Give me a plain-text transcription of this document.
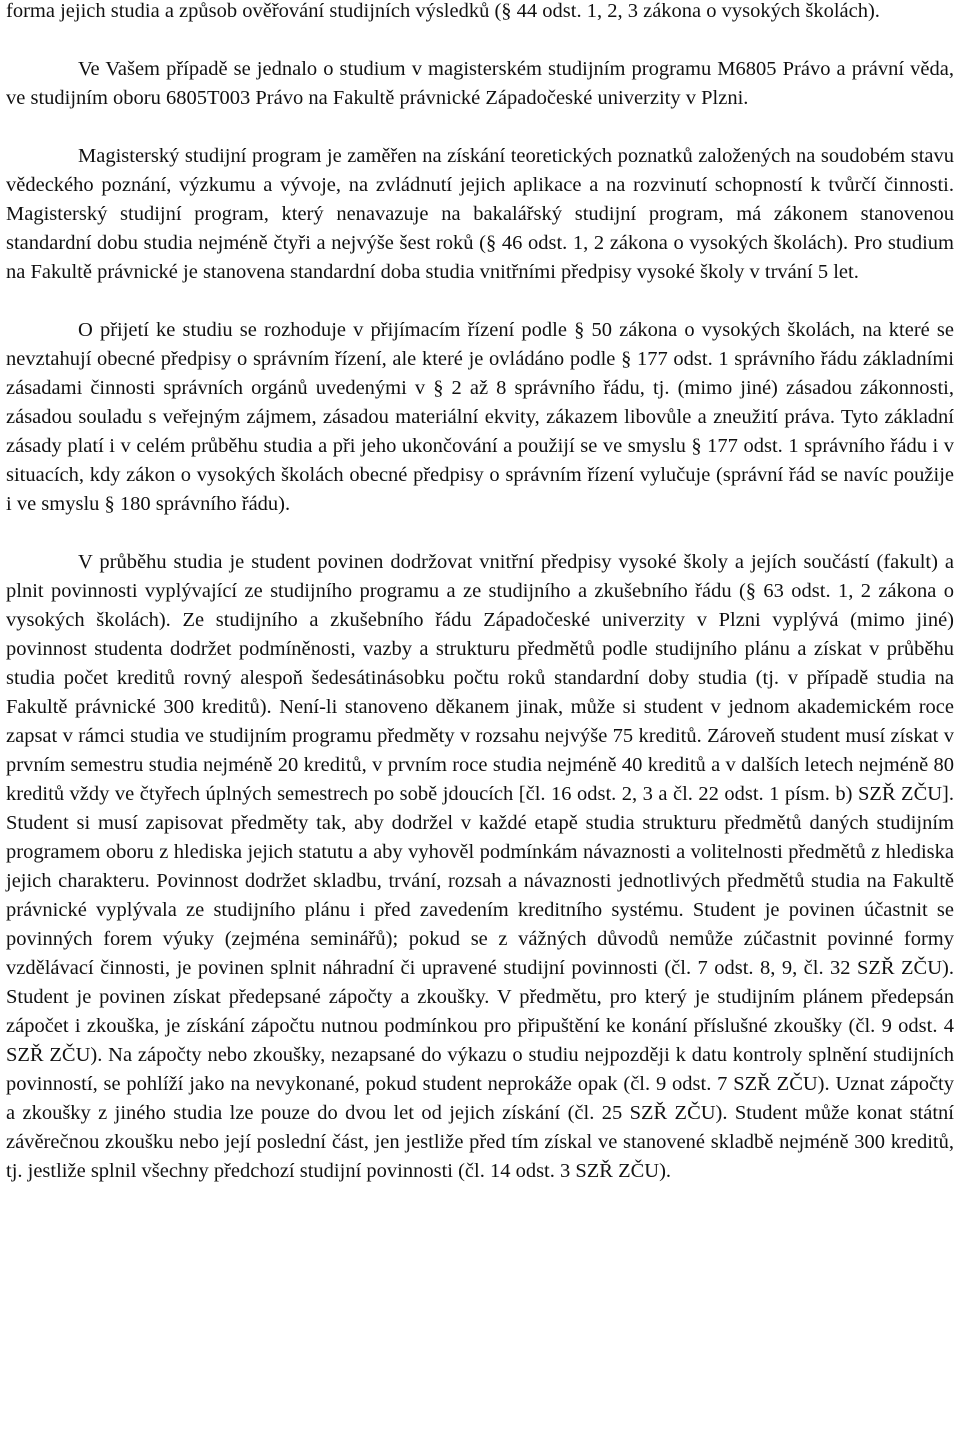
forma jejich studia a způsob ověřování studijních výsledků (§ 44 odst. 1, 2, 3 zákona o vysokých školách).

Ve Vašem případě se jednalo o studium v magisterském studijním programu M6805 Právo a právní věda, ve studijním oboru 6805T003 Právo na Fakultě právnické Západočeské univerzity v Plzni.

Magisterský studijní program je zaměřen na získání teoretických poznatků založených na soudobém stavu vědeckého poznání, výzkumu a vývoje, na zvládnutí jejich aplikace a na rozvinutí schopností k tvůrčí činnosti. Magisterský studijní program, který nenavazuje na bakalářský studijní program, má zákonem stanovenou standardní dobu studia nejméně čtyři a nejvýše šest roků (§ 46 odst. 1, 2 zákona o vysokých školách). Pro studium na Fakultě právnické je stanovena standardní doba studia vnitřními předpisy vysoké školy v trvání 5 let.

O přijetí ke studiu se rozhoduje v přijímacím řízení podle § 50 zákona o vysokých školách, na které se nevztahují obecné předpisy o správním řízení, ale které je ovládáno podle § 177 odst. 1 správního řádu základními zásadami činnosti správních orgánů uvedenými v § 2 až 8 správního řádu, tj. (mimo jiné) zásadou zákonnosti, zásadou souladu s veřejným zájmem, zásadou materiální ekvity, zákazem libovůle a zneužití práva. Tyto základní zásady platí i v celém průběhu studia a při jeho ukončování a použijí se ve smyslu § 177 odst. 1 správního řádu i v situacích, kdy zákon o vysokých školách obecné předpisy o správním řízení vylučuje (správní řád se navíc použije i ve smyslu § 180 správního řádu).

V průběhu studia je student povinen dodržovat vnitřní předpisy vysoké školy a jejích součástí (fakult) a plnit povinnosti vyplývající ze studijního programu a ze studijního a zkušebního řádu (§ 63 odst. 1, 2 zákona o vysokých školách). Ze studijního a zkušebního řádu Západočeské univerzity v Plzni vyplývá (mimo jiné) povinnost studenta dodržet podmíněnosti, vazby a strukturu předmětů podle studijního plánu a získat v průběhu studia počet kreditů rovný alespoň šedesátinásobku počtu roků standardní doby studia (tj. v případě studia na Fakultě právnické 300 kreditů). Není-li stanoveno děkanem jinak, může si student v jednom akademickém roce zapsat v rámci studia ve studijním programu předměty v rozsahu nejvýše 75 kreditů. Zároveň student musí získat v prvním semestru studia nejméně 20 kreditů, v prvním roce studia nejméně 40 kreditů a v dalších letech nejméně 80 kreditů vždy ve čtyřech úplných semestrech po sobě jdoucích [čl. 16 odst. 2, 3 a čl. 22 odst. 1 písm. b) SZŘ ZČU]. Student si musí zapisovat předměty tak, aby dodržel v každé etapě studia strukturu předmětů daných studijním programem oboru z hlediska jejich statutu a aby vyhověl podmínkám návaznosti a volitelnosti předmětů z hlediska jejich charakteru. Povinnost dodržet skladbu, trvání, rozsah a návaznosti jednotlivých předmětů studia na Fakultě právnické vyplývala ze studijního plánu i před zavedením kreditního systému. Student je povinen účastnit se povinných forem výuky (zejména seminářů); pokud se z vážných důvodů nemůže zúčastnit povinné formy vzdělávací činnosti, je povinen splnit náhradní či upravené studijní povinnosti (čl. 7 odst. 8, 9, čl. 32 SZŘ ZČU). Student je povinen získat předepsané zápočty a zkoušky. V předmětu, pro který je studijním plánem předepsán zápočet i zkouška, je získání zápočtu nutnou podmínkou pro připuštění ke konání příslušné zkoušky (čl. 9 odst. 4 SZŘ ZČU). Na zápočty nebo zkoušky, nezapsané do výkazu o studiu nejpozději k datu kontroly splnění studijních povinností, se pohlíží jako na nevykonané, pokud student neprokáže opak (čl. 9 odst. 7 SZŘ ZČU). Uznat zápočty a zkoušky z jiného studia lze pouze do dvou let od jejich získání (čl. 25 SZŘ ZČU). Student může konat státní závěrečnou zkoušku nebo její poslední část, jen jestliže před tím získal ve stanovené skladbě nejméně 300 kreditů, tj. jestliže splnil všechny předchozí studijní povinnosti (čl. 14 odst. 3 SZŘ ZČU).
